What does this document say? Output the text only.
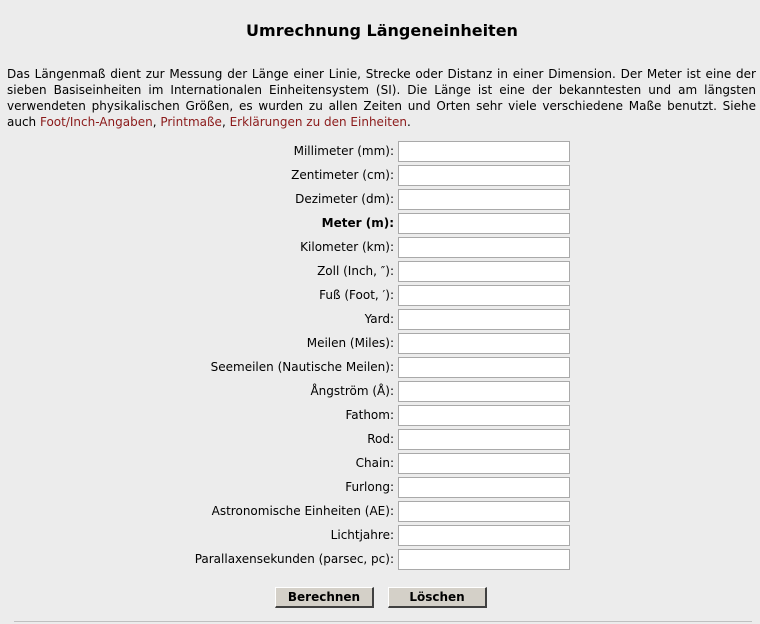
Umrechnung Längeneinheiten
Das Längenmaß dient zur Messung der Länge einer Linie, Strecke oder Distanz in einer Dimension. Der Meter ist eine der sieben Basiseinheiten im Internationalen Einheitensystem (SI). Die Länge ist eine der bekanntesten und am längsten verwendeten physikalischen Größen, es wurden zu allen Zeiten und Orten sehr viele verschiedene Maße benutzt. Siehe auch Foot/Inch-Angaben, Printmaße, Erklärungen zu den Einheiten.
Millimeter (mm):
Zentimeter (cm):
Dezimeter (dm):
Meter (m):
Kilometer (km):
Zoll (Inch, ″):
Fuß (Foot, ′):
Yard:
Meilen (Miles):
Seemeilen (Nautische Meilen):
Ångström (Å):
Fathom:
Rod:
Chain:
Furlong:
Astronomische Einheiten (AE):
Lichtjahre:
Parallaxensekunden (parsec, pc):
Berechnen	Löschen
